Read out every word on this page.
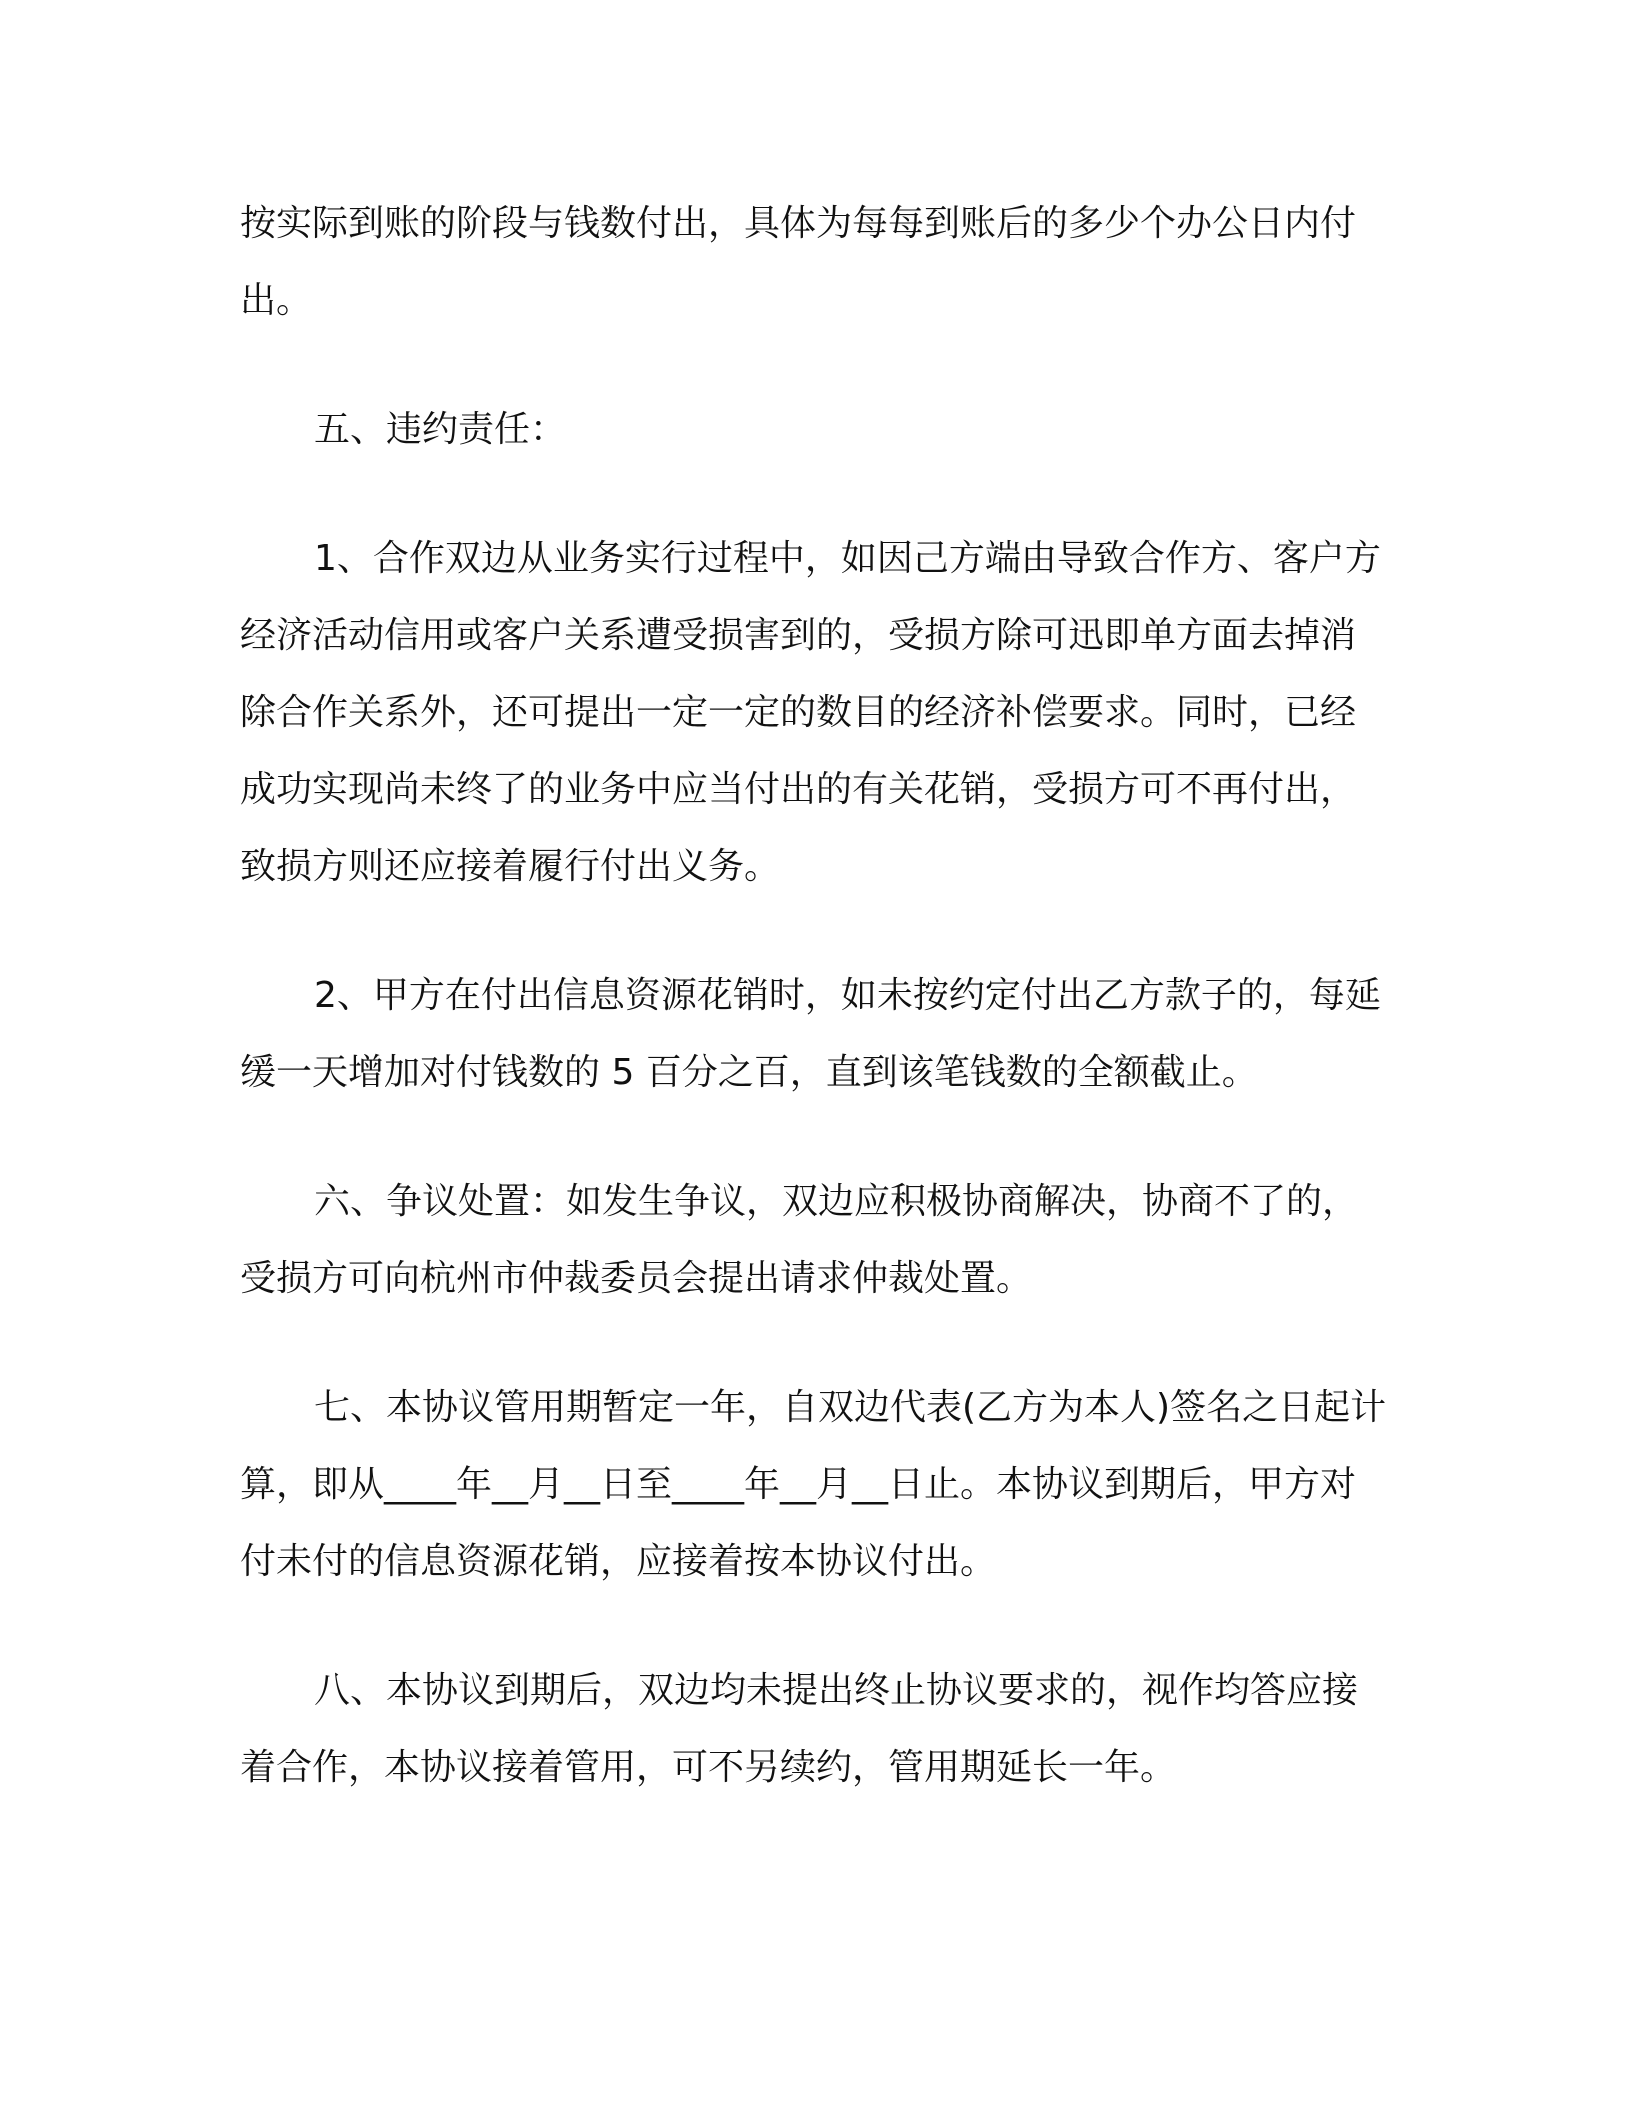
按实际到账的阶段与钱数付出，具体为每每到账后的多少个办公日内付出。

五、违约责任：

1、合作双边从业务实行过程中，如因己方端由导致合作方、客户方经济活动信用或客户关系遭受损害到的，受损方除可迅即单方面去掉消除合作关系外，还可提出一定一定的数目的经济补偿要求。同时，已经成功实现尚未终了的业务中应当付出的有关花销，受损方可不再付出，致损方则还应接着履行付出义务。

2、甲方在付出信息资源花销时，如未按约定付出乙方款子的，每延缓一天增加对付钱数的 5 百分之百，直到该笔钱数的全额截止。

六、争议处置：如发生争议，双边应积极协商解决，协商不了的，受损方可向杭州市仲裁委员会提出请求仲裁处置。

七、本协议管用期暂定一年，自双边代表(乙方为本人)签名之日起计算，即从____年__月__日至____年__月__日止。本协议到期后，甲方对付未付的信息资源花销，应接着按本协议付出。

八、本协议到期后，双边均未提出终止协议要求的，视作均答应接着合作，本协议接着管用，可不另续约，管用期延长一年。
